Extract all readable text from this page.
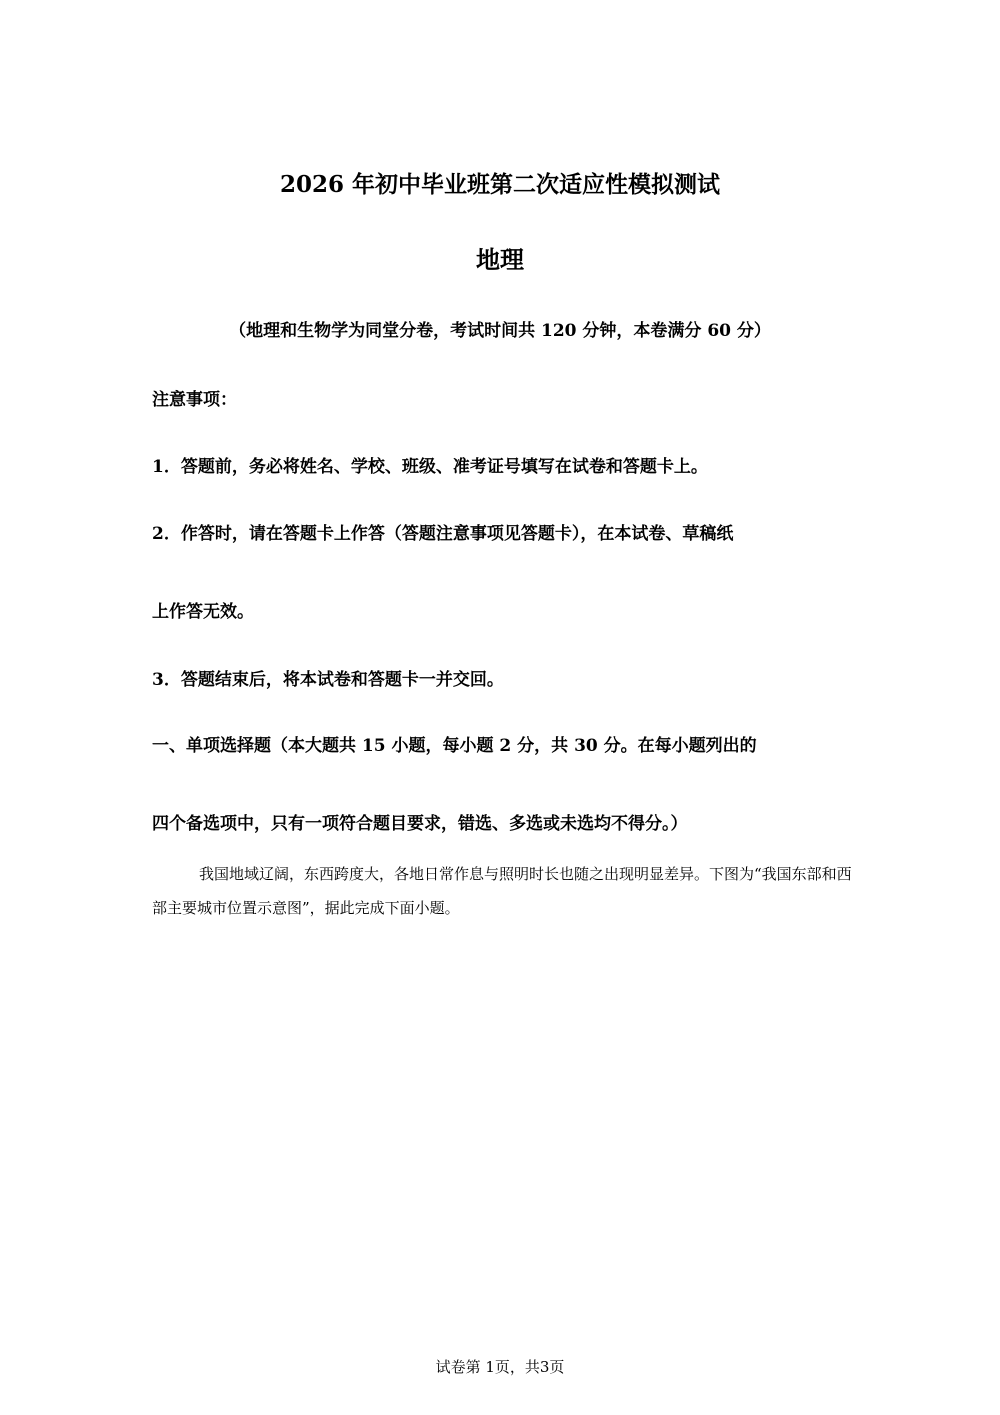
2026 年初中毕业班第二次适应性模拟测试
地理
（地理和生物学为同堂分卷，考试时间共 120 分钟，本卷满分 60 分）
注意事项：
1．答题前，务必将姓名、学校、班级、准考证号填写在试卷和答题卡上。
2．作答时，请在答题卡上作答（答题注意事项见答题卡），在本试卷、草稿纸
上作答无效。
3．答题结束后，将本试卷和答题卡一并交回。
一、单项选择题（本大题共 15 小题，每小题 2 分，共 30 分。在每小题列出的
四个备选项中，只有一项符合题目要求，错选、多选或未选均不得分。）
我国地域辽阔，东西跨度大，各地日常作息与照明时长也随之出现明显差异。下图为“我国东部和西部主要城市位置示意图”，据此完成下面小题。
试卷第 1页，共3页
